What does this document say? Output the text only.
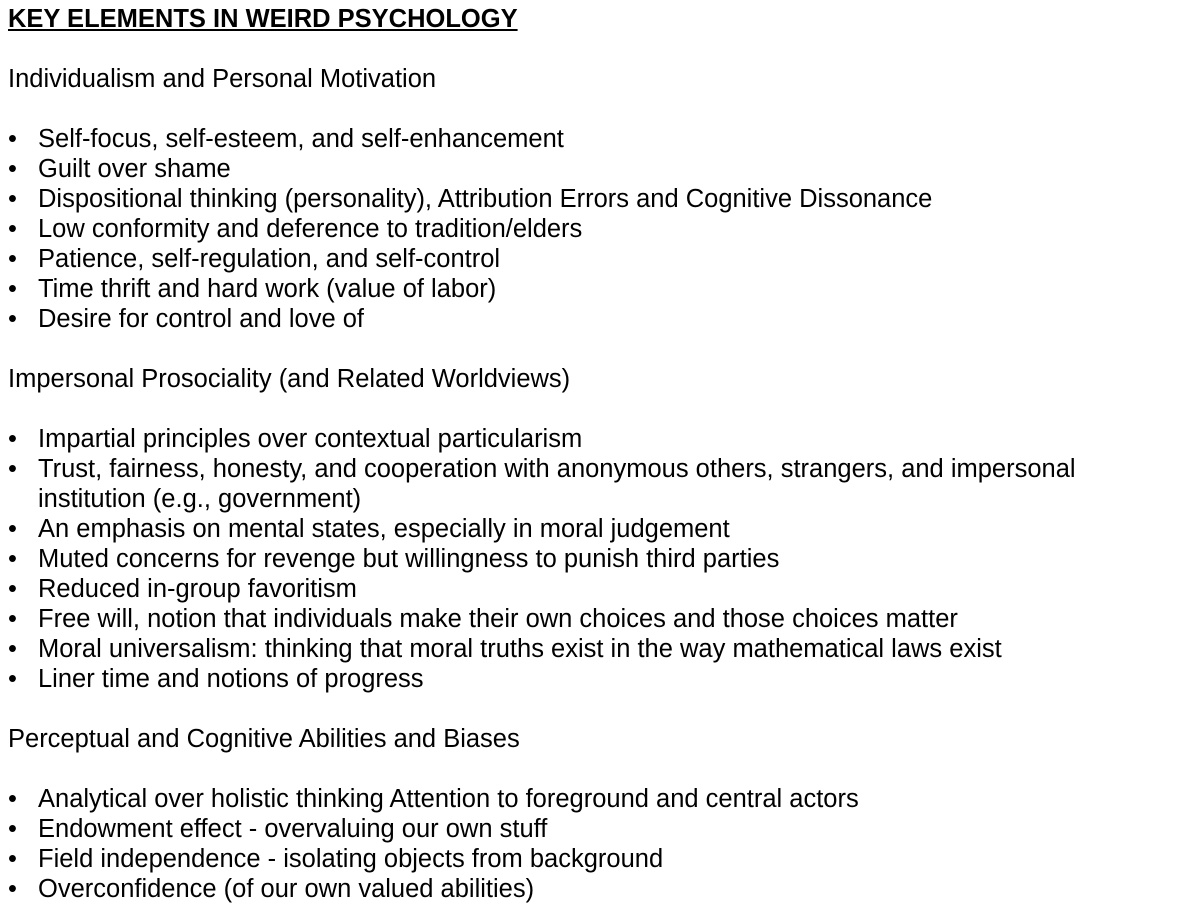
KEY ELEMENTS IN WEIRD PSYCHOLOGY
Individualism and Personal Motivation
• Self-focus, self-esteem, and self-enhancement
• Guilt over shame
• Dispositional thinking (personality), Attribution Errors and Cognitive Dissonance
• Low conformity and deference to tradition/elders
• Patience, self-regulation, and self-control
• Time thrift and hard work (value of labor)
• Desire for control and love of
Impersonal Prosociality (and Related Worldviews)
• Impartial principles over contextual particularism
• Trust, fairness, honesty, and cooperation with anonymous others, strangers, and impersonal institution (e.g., government)
• An emphasis on mental states, especially in moral judgement
• Muted concerns for revenge but willingness to punish third parties
• Reduced in-group favoritism
• Free will, notion that individuals make their own choices and those choices matter
• Moral universalism: thinking that moral truths exist in the way mathematical laws exist
• Liner time and notions of progress
Perceptual and Cognitive Abilities and Biases
• Analytical over holistic thinking Attention to foreground and central actors
• Endowment effect - overvaluing our own stuff
• Field independence - isolating objects from background
• Overconfidence (of our own valued abilities)
